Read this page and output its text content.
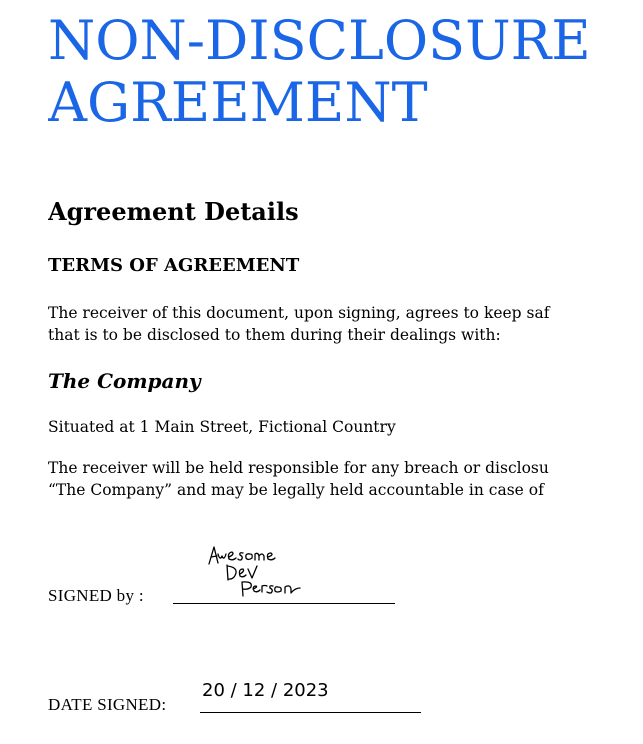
NON-DISCLOSURE
AGREEMENT
Agreement Details
TERMS OF AGREEMENT

The receiver of this document, upon signing, agrees to keep saf
that is to be disclosed to them during their dealings with:

The Company

Situated at 1 Main Street, Fictional Country

The receiver will be held responsible for any breach or disclosu
“The Company” and may be legally held accountable in case of

SIGNED by :
DATE SIGNED:
20 / 12 / 2023
